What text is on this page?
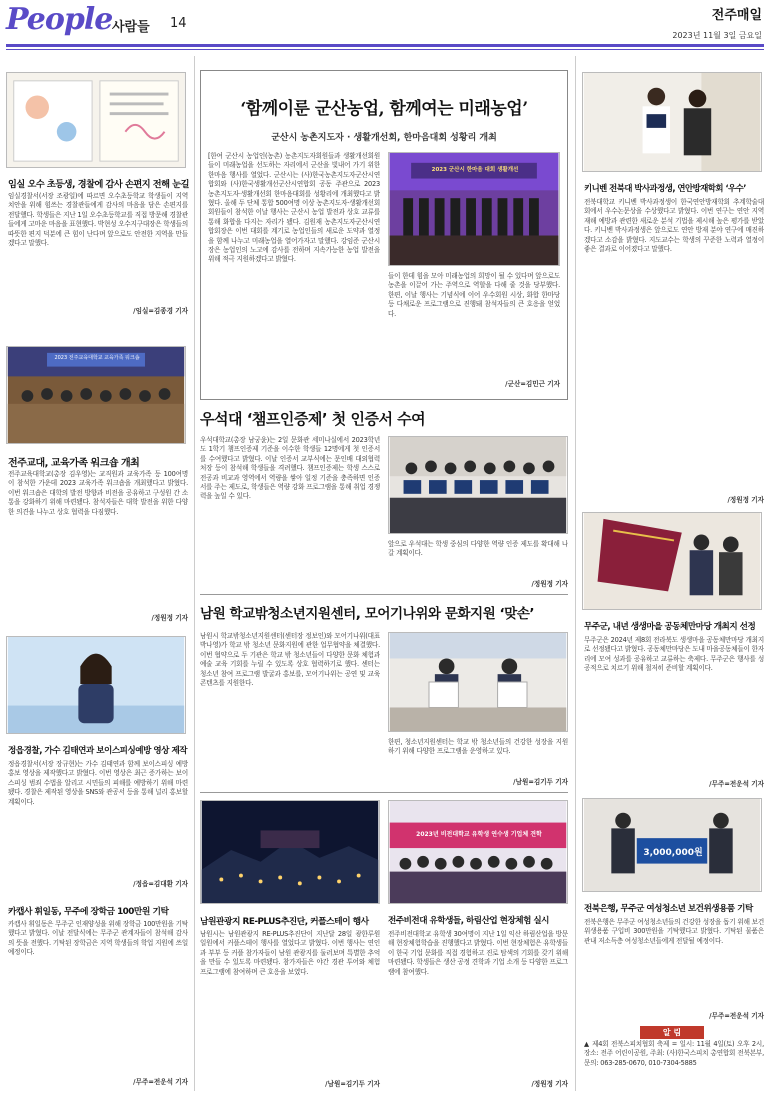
People 사람들 14
전주매일
2023년 11월 3일 금요일
임실 오수 초등생, 경찰에 감사 손편지 전해 눈길
임실경찰서(서장 조광일)에 따르면 오수초등학교 학생들이 지역 치안을 위해 힘쓰는 경찰관들에게 감사의 마음을 담은 손편지를 전달했다. 학생들은 지난 1일 오수초등학교를 직접 방문해 경찰관들에게 고마운 마음을 표현했다. 박현성 오수지구대장은 학생들의 따뜻한 편지 덕분에 큰 힘이 난다며 앞으로도 안전한 지역을 만들겠다고 말했다.
/임실=김종경 기자
2023 전주교육대학교 교육가족 워크숍
전주교대, 교육가족 워크숍 개최
전주교육대학교(총장 김우영)는 교직원과 교육가족 등 100여명이 참석한 가운데 2023 교육가족 워크숍을 개최했다고 밝혔다. 이번 워크숍은 대학의 발전 방향과 비전을 공유하고 구성원 간 소통을 강화하기 위해 마련됐다. 참석자들은 대학 발전을 위한 다양한 의견을 나누고 상호 협력을 다짐했다.
/정원정 기자
정읍경찰, 가수 김태연과 보이스피싱예방 영상 제작
정읍경찰서(서장 장규현)는 가수 김태연과 함께 보이스피싱 예방 홍보 영상을 제작했다고 밝혔다. 이번 영상은 최근 증가하는 보이스피싱 범죄 수법을 알리고 시민들의 피해를 예방하기 위해 마련됐다. 경찰은 제작된 영상을 SNS와 관공서 등을 통해 널리 홍보할 계획이다.
/정읍=김대환 기자
카캡사 휘일동, 무주에 장학금 100만원 기탁
카캡사 휘일동은 무주군 인재양성을 위해 장학금 100만원을 기탁했다고 밝혔다. 이날 전달식에는 무주군 관계자들이 참석해 감사의 뜻을 전했다. 기탁된 장학금은 지역 학생들의 학업 지원에 쓰일 예정이다.
/무주=전운석 기자
‘함께이룬 군산농업, 함께여는 미래농업’
군산시 농촌지도자 · 생활개선회, 한마음대회 성황리 개최
[한여 군산시 농업인(농촌) 농촌지도자회원들과 생활개선회원들이 미래농업을 선도하는 자리에서 군산을 빛내어 가기 위한 한마음 행사를 열었다. 군산시는 (사)한국농촌지도자군산시연합회와 (사)한국생활개선군산시연합회 공동 주관으로 2023 농촌지도자·생활개선회 한마음대회를 성황리에 개최했다고 밝혔다. 올해 두 단체 통합 500여명 이상 농촌지도자·생활개선회 회원들이 참석한 이날 행사는 군산시 농업 발전과 상호 교류를 통해 화합을 다지는 자리가 됐다. 김원재 농촌지도자군산시연합회장은 이번 대회를 계기로 농업인들의 새로운 도약과 열정을 함께 나누고 미래농업을 열어가자고 말했다. 강임준 군산시장은 농업인의 노고에 감사를 전하며 지속가능한 농업 발전을 위해 적극 지원하겠다고 밝혔다.
2023 군산시 한마음 대회 생활개선
들이 한데 힘을 모아 미래농업의 희망이 될 수 있다며 앞으로도 농촌을 이끌어 가는 주역으로 역할을 다해 줄 것을 당부했다. 한편, 이날 행사는 기념식에 이어 우수회원 시상, 화합 한마당 등 다채로운 프로그램으로 진행돼 참석자들의 큰 호응을 얻었다.
/군산=김민근 기자
우석대 ‘챔프인증제’ 첫 인증서 수여
우석대학교(총장 남궁윤)는 2일 문화관 세미나실에서 2023학년도 1학기 챔프인증제 기준을 이수한 학생들 12명에게 첫 인증서를 수여했다고 밝혔다. 이날 인증서 교부식에는 문인배 대외협력처장 등이 참석해 학생들을 격려했다. 챔프인증제는 학생 스스로 전공과 비교과 영역에서 역량을 쌓아 일정 기준을 충족하면 인증서를 주는 제도로, 학생들은 역량 강화 프로그램을 통해 취업 경쟁력을 높일 수 있다.
앞으로 우석대는 학생 중심의 다양한 역량 인증 제도를 확대해 나갈 계획이다.
/정원정 기자
남원 학교밖청소년지원센터, 모어기나위와 문화지원 ‘맞손’
남원시 학교밖청소년지원센터(센터장 정보인)와 모어기나위(대표 박나영)가 학교 밖 청소년 문화지원에 관한 업무협약을 체결했다. 이번 협약으로 두 기관은 학교 밖 청소년들이 다양한 문화 체험과 예술 교육 기회를 누릴 수 있도록 상호 협력하기로 했다. 센터는 청소년 참여 프로그램 발굴과 홍보를, 모어기나위는 공연 및 교육 콘텐츠를 지원한다.
한편, 청소년지원센터는 학교 밖 청소년들의 건강한 성장을 지원하기 위해 다양한 프로그램을 운영하고 있다.
/남원=김기두 기자
남원관광지 RE-PLUS추진단, 커플스테이 행사
남원시는 남원관광지 RE-PLUS추진단이 지난달 28일 광한루원 일원에서 커플스테이 행사를 열었다고 밝혔다. 이번 행사는 연인과 부부 등 커플 참가자들이 남원 관광지를 둘러보며 특별한 추억을 만들 수 있도록 마련됐다. 참가자들은 야간 경관 투어와 체험 프로그램에 참여하며 큰 호응을 보였다.
/남원=김기두 기자
2023년 비전대학교 유학생 연수생 기업체 견학
전주비전대 유학생들, 하림산업 현장체험 실시
전주비전대학교 유학생 30여명이 지난 1일 익산 하림산업을 방문해 현장체험학습을 진행했다고 밝혔다. 이번 현장체험은 유학생들이 한국 기업 문화를 직접 경험하고 진로 탐색의 기회를 갖기 위해 마련됐다. 학생들은 생산 공정 견학과 기업 소개 등 다양한 프로그램에 참여했다.
/정원정 기자
키니벤 전북대 박사과정생, 연안방재학회 ‘우수’
전북대학교 키니벤 박사과정생이 한국연안방재학회 추계학술대회에서 우수논문상을 수상했다고 밝혔다. 이번 연구는 연안 지역 재해 예방과 관련한 새로운 분석 기법을 제시해 높은 평가를 받았다. 키니벤 박사과정생은 앞으로도 연안 방재 분야 연구에 매진하겠다고 소감을 밝혔다. 지도교수는 학생의 꾸준한 노력과 열정이 좋은 결과로 이어졌다고 말했다.
/정원정 기자
무주군, 내년 생생마을 공동체만마당 개최지 선정
무주군은 2024년 제8회 전라북도 생생마을 공동체만마당 개최지로 선정됐다고 밝혔다. 공동체만마당은 도내 마을공동체들이 한자리에 모여 성과를 공유하고 교류하는 축제다. 무주군은 행사를 성공적으로 치르기 위해 철저히 준비할 계획이다.
/무주=전운석 기자
3,000,000원
전북은행, 무주군 여성청소년 보건위생용품 기탁
전북은행은 무주군 여성청소년들의 건강한 성장을 돕기 위해 보건위생용품 구입비 300만원을 기탁했다고 밝혔다. 기탁된 물품은 관내 저소득층 여성청소년들에게 전달될 예정이다.
/무주=전운석 기자
알 림
▲ 제4회 전북스피치협회 축제 = 일시: 11월 4일(토) 오후 2시, 장소: 전주 어린이공원, 주최: (사)한국스피치 총연합회 전북본부, 문의: 063-285-0670, 010-7304-5885
